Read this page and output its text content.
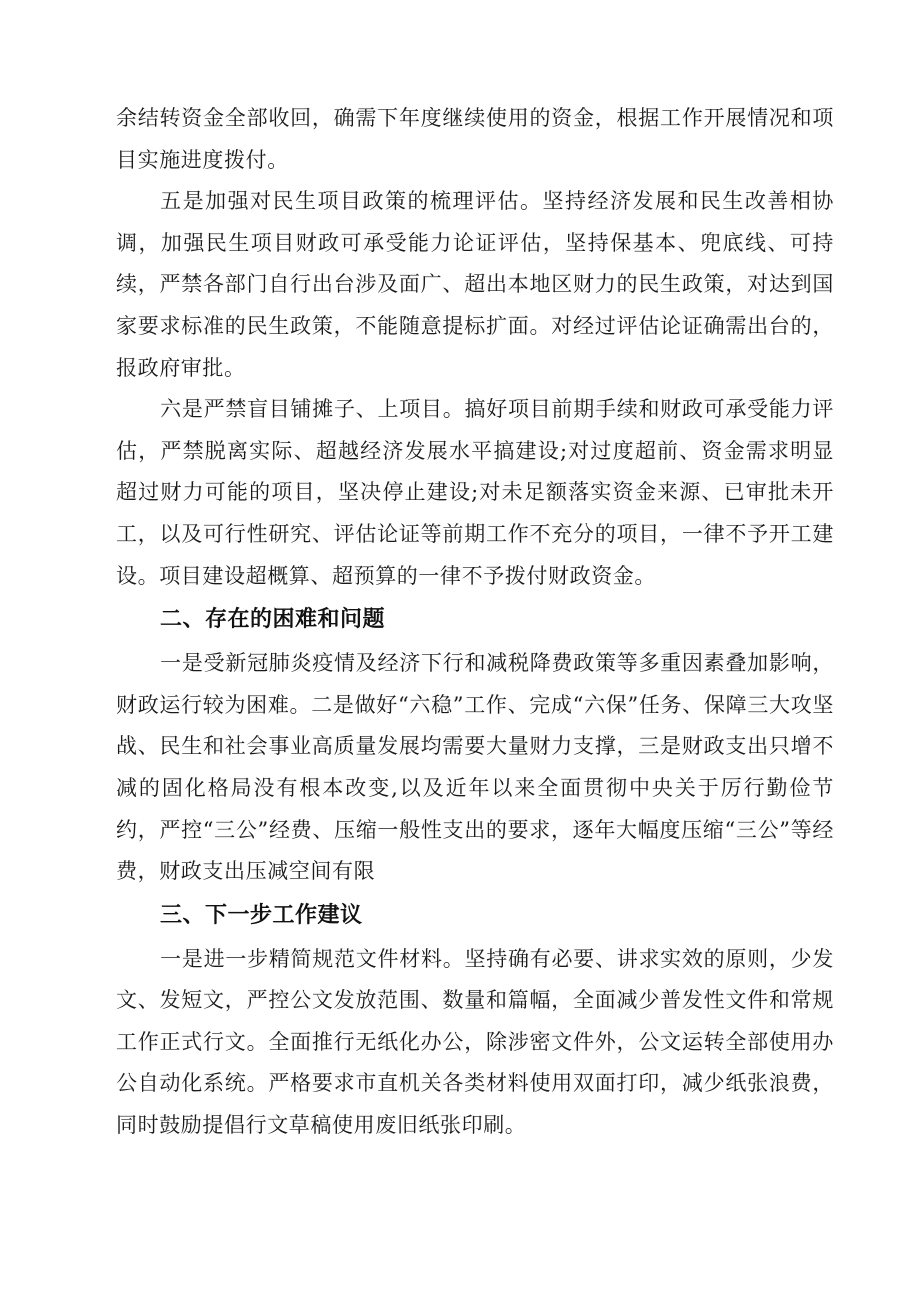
余结转资金全部收回，确需下年度继续使用的资金，根据工作开展情况和项目实施进度拨付。

五是加强对民生项目政策的梳理评估。坚持经济发展和民生改善相协调，加强民生项目财政可承受能力论证评估，坚持保基本、兜底线、可持续，严禁各部门自行出台涉及面广、超出本地区财力的民生政策，对达到国家要求标准的民生政策，不能随意提标扩面。对经过评估论证确需出台的，报政府审批。

六是严禁盲目铺摊子、上项目。搞好项目前期手续和财政可承受能力评估，严禁脱离实际、超越经济发展水平搞建设;对过度超前、资金需求明显超过财力可能的项目，坚决停止建设;对未足额落实资金来源、已审批未开工，以及可行性研究、评估论证等前期工作不充分的项目，一律不予开工建设。项目建设超概算、超预算的一律不予拨付财政资金。

二、存在的困难和问题

一是受新冠肺炎疫情及经济下行和减税降费政策等多重因素叠加影响，财政运行较为困难。二是做好“六稳”工作、完成“六保”任务、保障三大攻坚战、民生和社会事业高质量发展均需要大量财力支撑，三是财政支出只增不减的固化格局没有根本改变,以及近年以来全面贯彻中央关于厉行勤俭节约，严控“三公”经费、压缩一般性支出的要求，逐年大幅度压缩“三公”等经费，财政支出压减空间有限

三、下一步工作建议

一是进一步精简规范文件材料。坚持确有必要、讲求实效的原则，少发文、发短文，严控公文发放范围、数量和篇幅，全面减少普发性文件和常规工作正式行文。全面推行无纸化办公，除涉密文件外，公文运转全部使用办公自动化系统。严格要求市直机关各类材料使用双面打印，减少纸张浪费，同时鼓励提倡行文草稿使用废旧纸张印刷。
